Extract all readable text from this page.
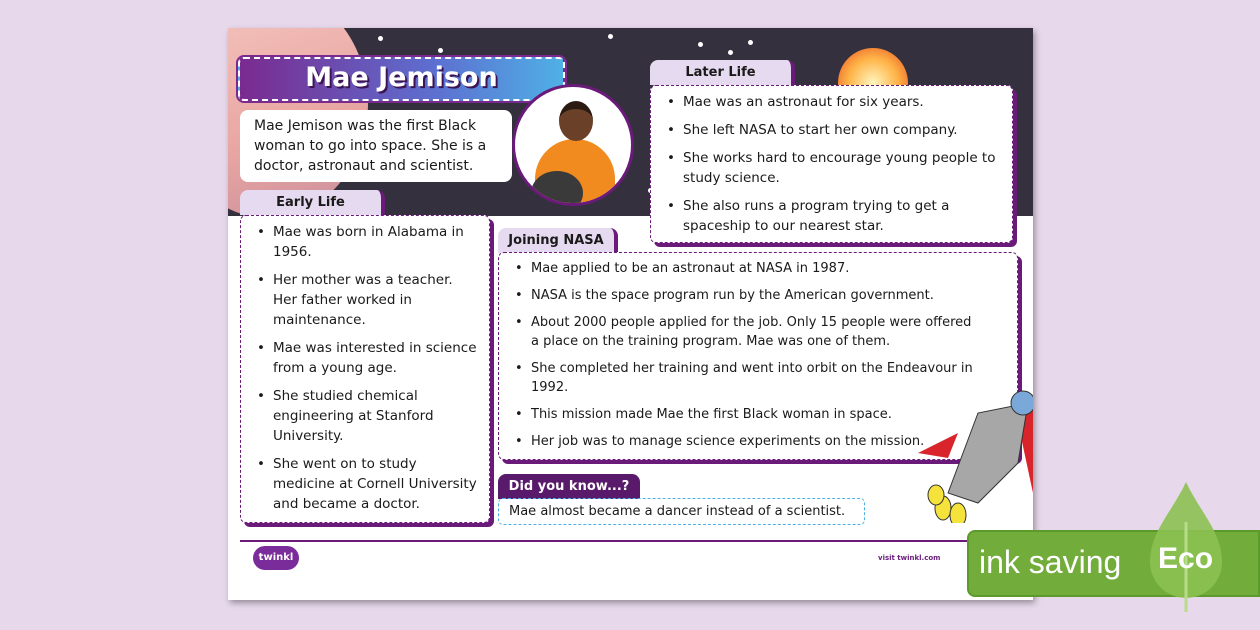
Mae Jemison
Mae Jemison was the first Black woman to go into space. She is a doctor, astronaut and scientist.
Later Life
• Mae was an astronaut for six years.
• She left NASA to start her own company.
• She works hard to encourage young people to study science.
• She also runs a program trying to get a spaceship to our nearest star.
Early Life
• Mae was born in Alabama in 1956.
• Her mother was a teacher. Her father worked in maintenance.
• Mae was interested in science from a young age.
• She studied chemical engineering at Stanford University.
• She went on to study medicine at Cornell University and became a doctor.
Joining NASA
• Mae applied to be an astronaut at NASA in 1987.
• NASA is the space program run by the American government.
• About 2000 people applied for the job. Only 15 people were offered a place on the training program. Mae was one of them.
• She completed her training and went into orbit on the Endeavour in 1992.
• This mission made Mae the first Black woman in space.
• Her job was to manage science experiments on the mission.
Did you know...?
Mae almost became a dancer instead of a scientist.
twinkl	visit twinkl.com ink saving Eco
